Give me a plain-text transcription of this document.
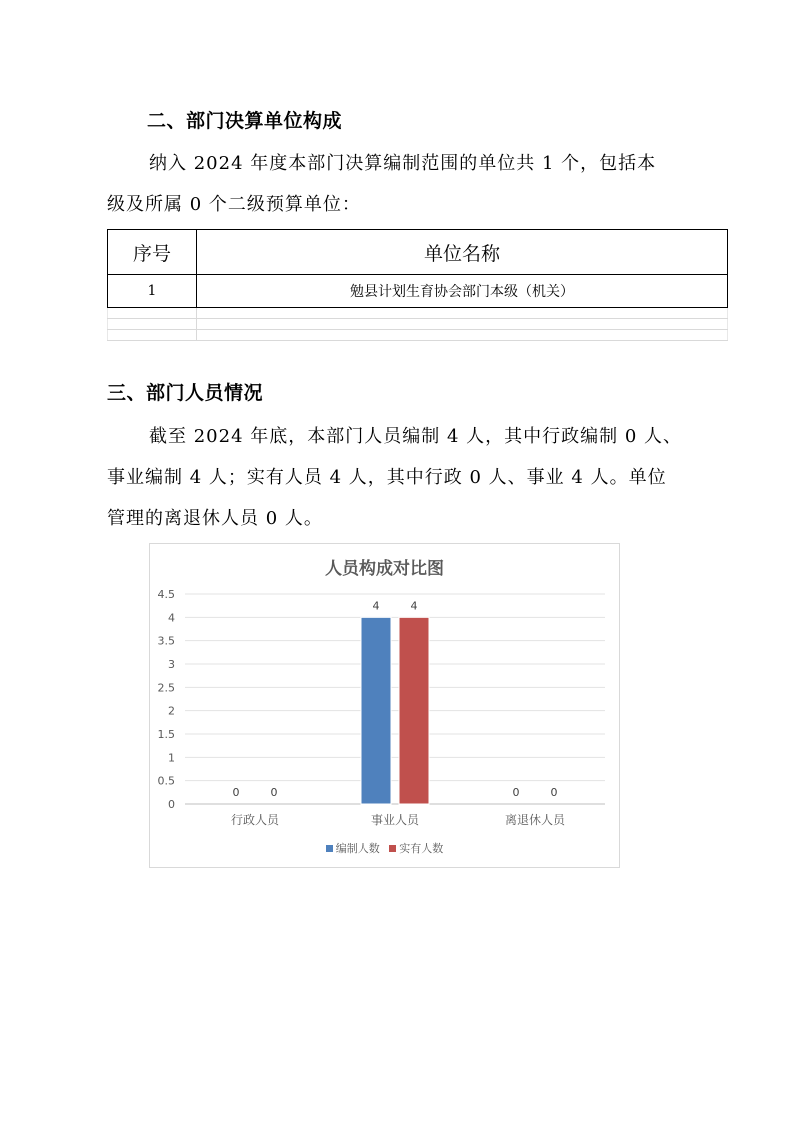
二、部门决算单位构成
纳入 2024 年度本部门决算编制范围的单位共 1 个，包括本
级及所属 0 个二级预算单位：
序号	单位名称
1	勉县计划生育协会部门本级（机关）

三、部门人员情况
截至 2024 年底，本部门人员编制 4 人，其中行政编制 0 人、
事业编制 4 人；实有人员 4 人，其中行政 0 人、事业 4 人。单位
管理的离退休人员 0 人。
人员构成对比图
0
0.5
1
1.5
2
2.5
3
3.5
4
4.5
0	0
行政人员
4	4
事业人员
0	0
离退休人员
编制人数
实有人数
